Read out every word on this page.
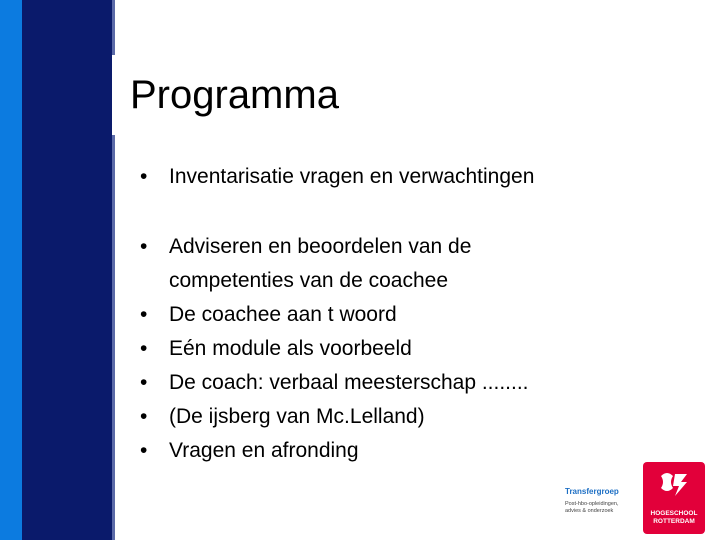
Programma
•	Inventarisatie vragen en verwachtingen
•	Adviseren en beoordelen van de competenties van de coachee
•	De coachee aan t woord
•	Eén module als voorbeeld
•	De coach: verbaal meesterschap ........
•	(De ijsberg van Mc.Lelland)
•	Vragen en afronding
Transfergroep
Post-hbo-opleidingen,
advies & onderzoek	HOGESCHOOL
ROTTERDAM
